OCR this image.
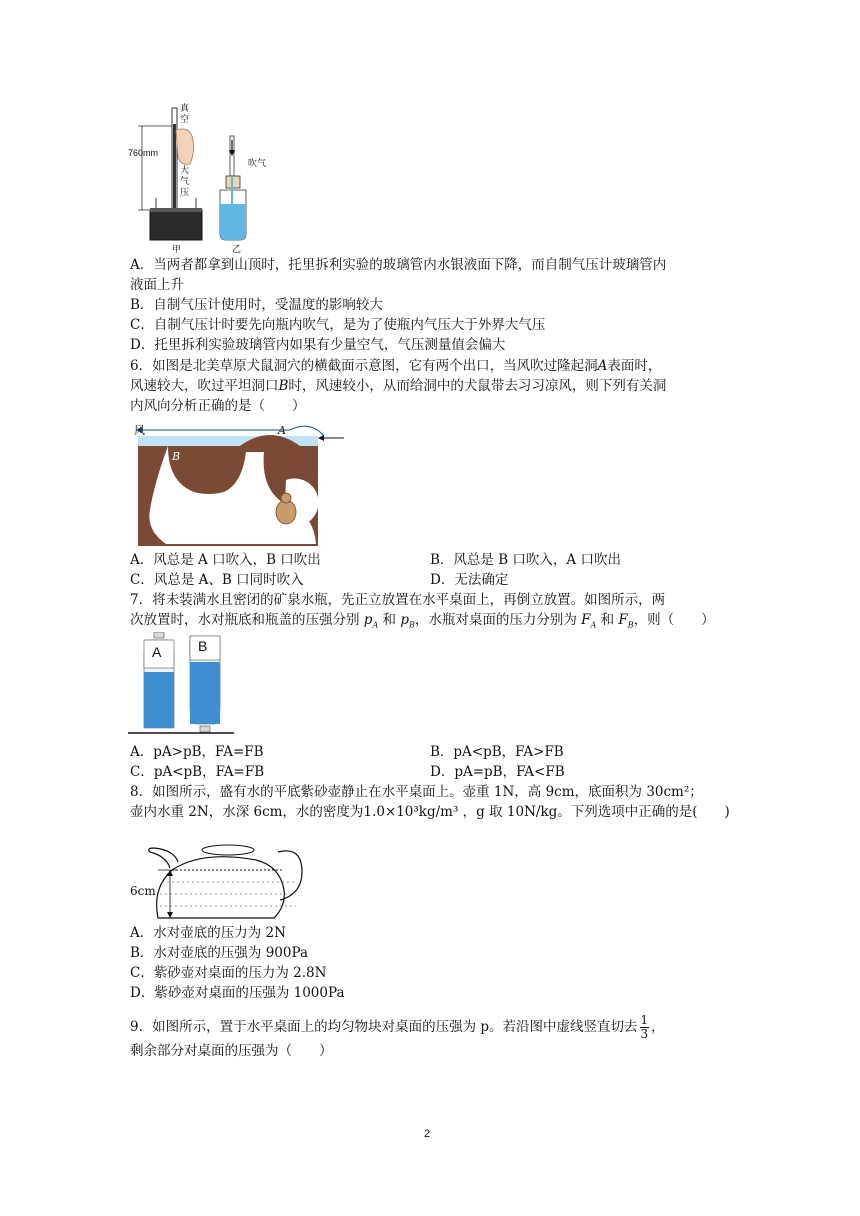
760mm
真
空
大
气
压
甲	乙
吹气
A．当两者都拿到山顶时，托里拆利实验的玻璃管内水银液面下降，而自制气压计玻璃管内
液面上升
B．自制气压计使用时，受温度的影响较大
C．自制气压计时要先向瓶内吹气，是为了使瓶内气压大于外界大气压
D．托里拆利实验玻璃管内如果有少量空气，气压测量值会偏大
6．如图是北美草原犬鼠洞穴的横截面示意图，它有两个出口，当风吹过隆起洞A表面时，
风速较大，吹过平坦洞口B时，风速较小，从而给洞中的犬鼠带去习习凉风，则下列有关洞
内风向分析正确的是（　　）
风	A
B
A．风总是 A 口吹入，B 口吹出	B．风总是 B 口吹入，A 口吹出
C．风总是 A、B 口同时吹入	D．无法确定
7．将未装满水且密闭的矿泉水瓶，先正立放置在水平桌面上，再倒立放置。如图所示，两
次放置时，水对瓶底和瓶盖的压强分别 $p_A$ 和 $p_B$，水瓶对桌面的压力分别为 $F_A$ 和 $F_B$，则（　　）
A	B
A．pA>pB，FA=FB	B．pA<pB，FA>FB
C．pA<pB，FA=FB	D．pA=pB，FA<FB
8．如图所示，盛有水的平底紫砂壶静止在水平桌面上。壶重 1N，高 9cm，底面积为 30cm²；
壶内水重 2N，水深 6cm，水的密度为1.0×10³kg/m³ ，g 取 10N/kg。下列选项中正确的是(　　)
6cm
A．水对壶底的压力为 2N
B．水对壶底的压强为 900Pa
C．紫砂壶对桌面的压力为 2.8N
D．紫砂壶对桌面的压强为 1000Pa
9．如图所示，置于水平桌面上的均匀物块对桌面的压强为 p。若沿图中虚线竖直切去 $\frac{1}{3}$ ，
剩余部分对桌面的压强为（　　）
2
